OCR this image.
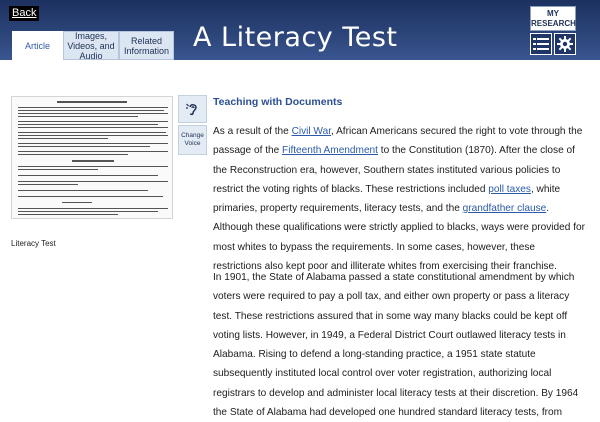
Back
Article
Images, Videos, and Audio
Related Information A Literacy Test
MY RESEARCH
Literacy Test
Change Voice
Teaching with Documents

As a result of the Civil War, African Americans secured the right to vote through the passage of the Fifteenth Amendment to the Constitution (1870). After the close of the Reconstruction era, however, Southern states instituted various policies to restrict the voting rights of blacks. These restrictions included poll taxes, white primaries, property requirements, literacy tests, and the grandfather clause. Although these qualifications were strictly applied to blacks, ways were provided for most whites to bypass the requirements. In some cases, however, these restrictions also kept poor and illiterate whites from exercising their franchise.

In 1901, the State of Alabama passed a state constitutional amendment by which voters were required to pay a poll tax, and either own property or pass a literacy test. These restrictions assured that in some way many blacks could be kept off voting lists. However, in 1949, a Federal District Court outlawed literacy tests in Alabama. Rising to defend a long-standing practice, a 1951 state statute subsequently instituted local control over voter registration, authorizing local registrars to develop and administer local literacy tests at their discretion. By 1964 the State of Alabama had developed one hundred standard literacy tests, from
